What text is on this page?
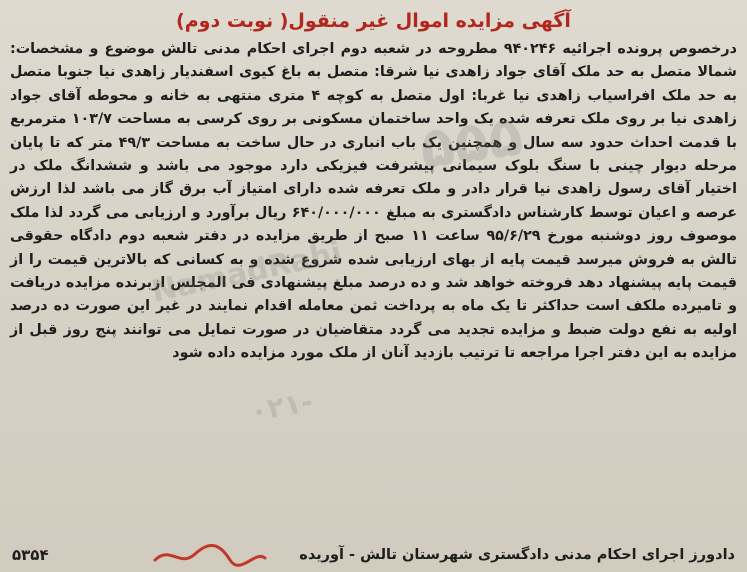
۵۵۵
NamadRahi
۰۲۱-
آگهی مزایده اموال غیر منقول( نوبت دوم)
درخصوص پرونده اجرائیه ۹۴۰۲۴۶ مطروحه در شعبه دوم اجرای احکام مدنی تالش موضوع و مشخصات: شمالا متصل به حد ملک آقای جواد زاهدی نیا شرقا: متصل به باغ کیوی اسفندیار زاهدی نیا جنوبا متصل به حد ملک افراسیاب زاهدی نیا غربا: اول متصل به کوچه ۴ متری منتهی به خانه و محوطه آقای جواد زاهدی نیا بر روی ملک تعرفه شده یک واحد ساختمان مسکونی بر روی کرسی به مساحت ۱۰۳/۷ مترمربع با قدمت احداث حدود سه سال و همچنین یک باب انباری در حال ساخت به مساحت ۴۹/۳ متر که تا پایان مرحله دیوار چینی با سنگ بلوک سیمانی پیشرفت فیزیکی دارد موجود می باشد و ششدانگ ملک در اختیار آقای رسول زاهدی نیا قرار دادر و ملک تعرفه شده دارای امتیاز آب برق گاز می باشد لذا ارزش عرصه و اعیان توسط کارشناس دادگستری به مبلغ ۶۴۰/۰۰۰/۰۰۰ ریال برآورد و ارزیابی می گردد لذا ملک موصوف روز دوشنبه مورخ ۹۵/۶/۲۹ ساعت ۱۱ صبح از طریق مزایده در دفتر شعبه دوم دادگاه حقوقی تالش به فروش میرسد قیمت پایه از بهای ارزیابی شده شروع شده و به کسانی که بالاترین قیمت را از قیمت پایه پیشنهاد دهد فروخته خواهد شد و ده درصد مبلغ پیشنهادی فی المجلس ازبرنده مزایده دریافت و تامیرده ملکف است حداکثر تا یک ماه به پرداخت ثمن معامله اقدام نمایند در غیر این صورت ده درصد اولیه به نفع دولت ضبط و مزایده تجدید می گردد متقاضیان در صورت تمایل می توانند پنج روز قبل از مزایده به این دفتر اجرا مراجعه تا ترتیب بازدید آنان از ملک مورد مزایده داده شود
دادورز اجرای احکام مدنی دادگستری شهرستان تالش - آوریده
۵۳۵۴
